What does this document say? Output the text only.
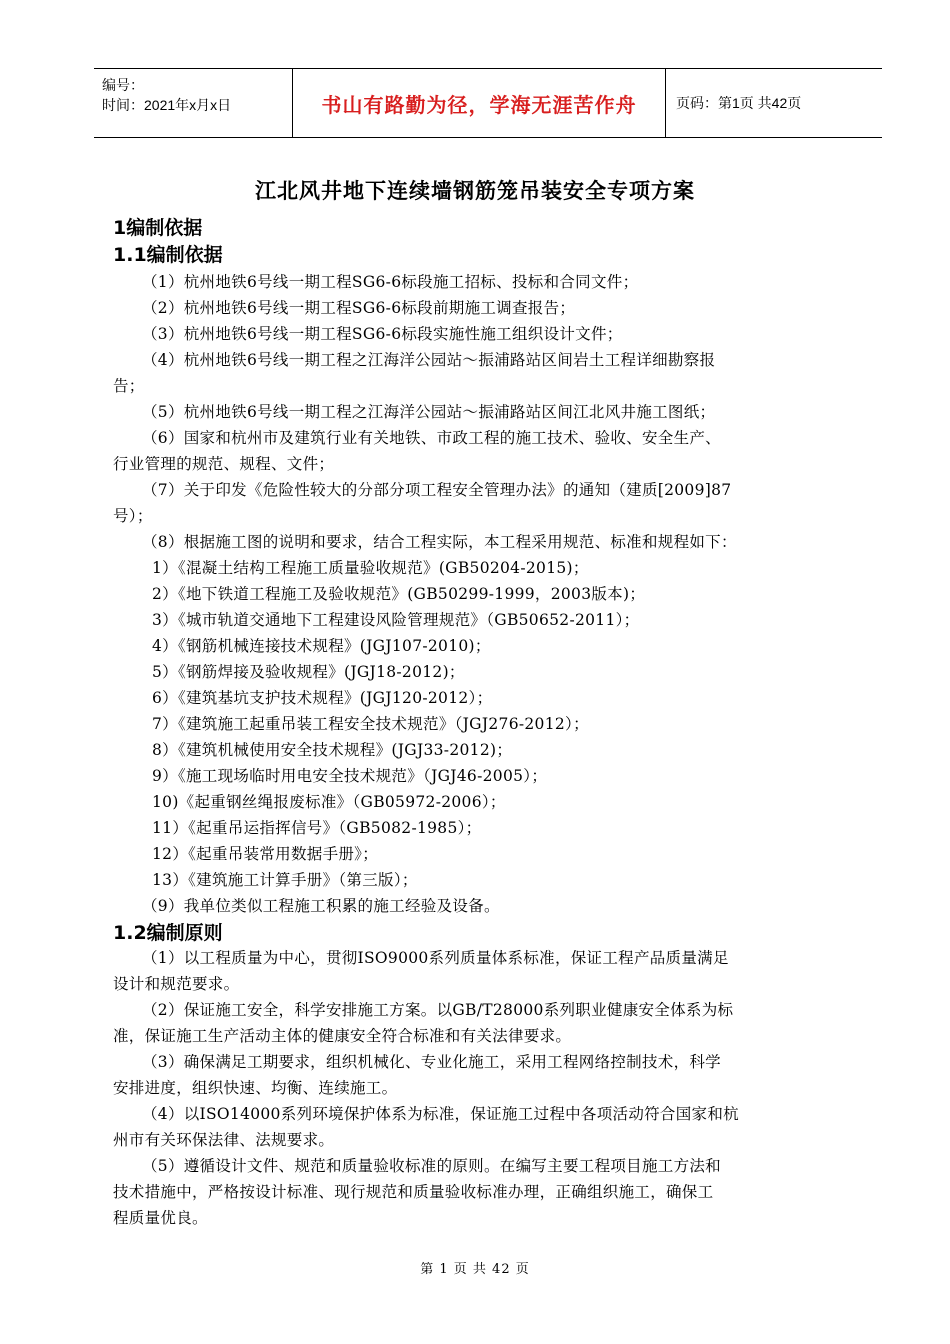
编号：
时间：2021年x月x日	书山有路勤为径，学海无涯苦作舟	页码：第1页 共42页
江北风井地下连续墙钢筋笼吊装安全专项方案
1编制依据
1.1编制依据
（1）杭州地铁6号线一期工程SG6-6标段施工招标、投标和合同文件；
（2）杭州地铁6号线一期工程SG6-6标段前期施工调查报告；
（3）杭州地铁6号线一期工程SG6-6标段实施性施工组织设计文件；
（4）杭州地铁6号线一期工程之江海洋公园站～振浦路站区间岩土工程详细勘察报
告；
（5）杭州地铁6号线一期工程之江海洋公园站～振浦路站区间江北风井施工图纸；
（6）国家和杭州市及建筑行业有关地铁、市政工程的施工技术、验收、安全生产、
行业管理的规范、规程、文件；
（7）关于印发《危险性较大的分部分项工程安全管理办法》的通知（建质[2009]87
号）；
（8）根据施工图的说明和要求，结合工程实际，本工程采用规范、标准和规程如下：
1）《混凝土结构工程施工质量验收规范》(GB50204-2015)；
2）《地下铁道工程施工及验收规范》(GB50299-1999，2003版本)；
3）《城市轨道交通地下工程建设风险管理规范》（GB50652-2011）；
4）《钢筋机械连接技术规程》(JGJ107-2010)；
5）《钢筋焊接及验收规程》(JGJ18-2012)；
6）《建筑基坑支护技术规程》(JGJ120-2012）；
7）《建筑施工起重吊装工程安全技术规范》（JGJ276-2012）；
8）《建筑机械使用安全技术规程》(JGJ33-2012)；
9）《施工现场临时用电安全技术规范》（JGJ46-2005）；
10)《起重钢丝绳报废标准》（GB05972-2006）；
11）《起重吊运指挥信号》（GB5082-1985）；
12）《起重吊装常用数据手册》；
13）《建筑施工计算手册》（第三版）；
（9）我单位类似工程施工积累的施工经验及设备。
1.2编制原则
（1）以工程质量为中心，贯彻ISO9000系列质量体系标准，保证工程产品质量满足
设计和规范要求。
（2）保证施工安全，科学安排施工方案。以GB/T28000系列职业健康安全体系为标
准，保证施工生产活动主体的健康安全符合标准和有关法律要求。
（3）确保满足工期要求，组织机械化、专业化施工，采用工程网络控制技术，科学
安排进度，组织快速、均衡、连续施工。
（4）以ISO14000系列环境保护体系为标准，保证施工过程中各项活动符合国家和杭
州市有关环保法律、法规要求。
（5）遵循设计文件、规范和质量验收标准的原则。在编写主要工程项目施工方法和
技术措施中，严格按设计标准、现行规范和质量验收标准办理，正确组织施工，确保工
程质量优良。
第 1 页 共 42 页
